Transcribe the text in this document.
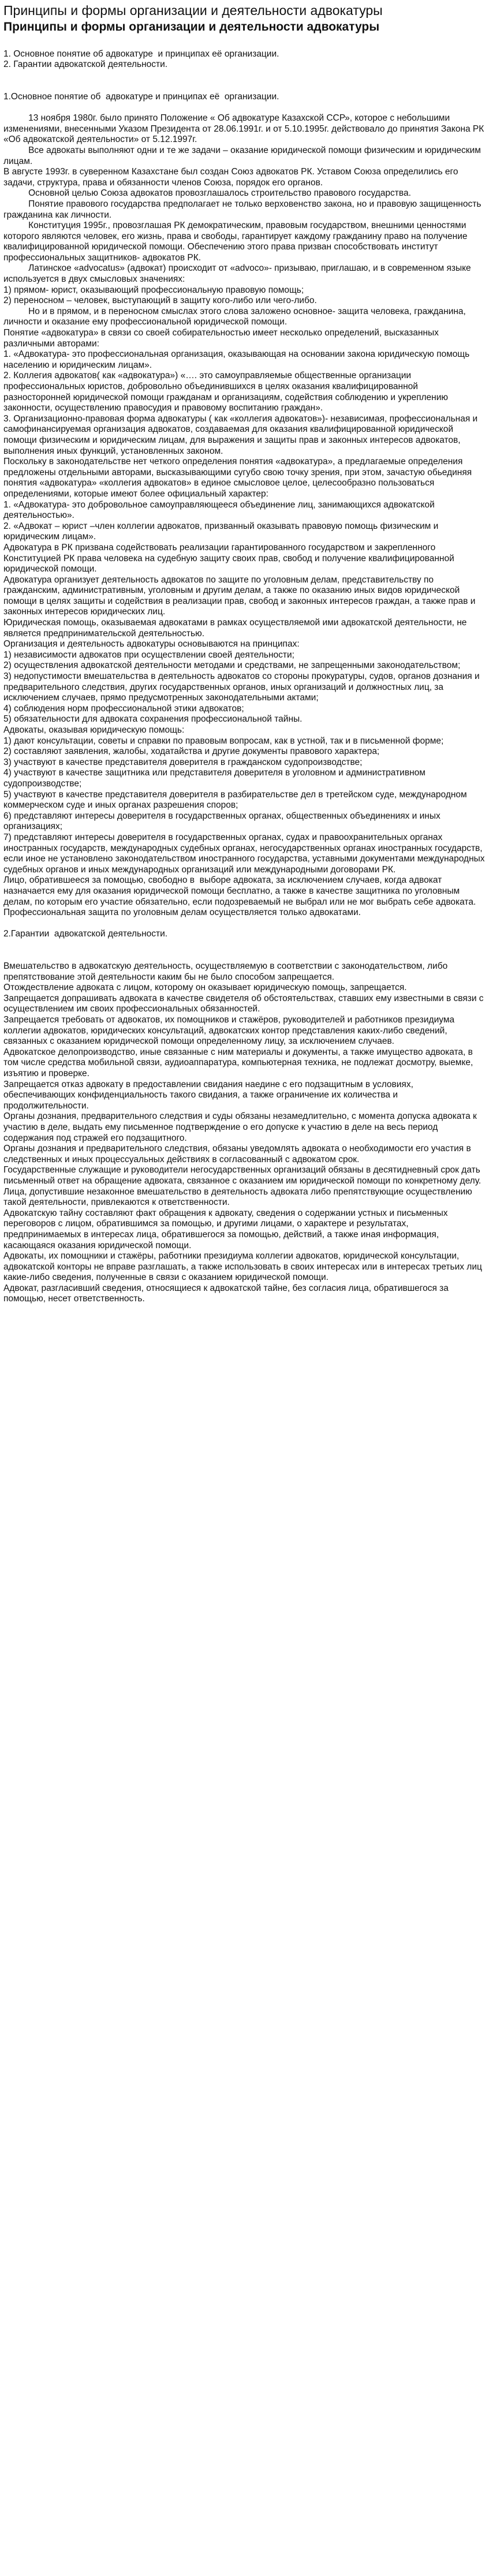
Принципы и формы организации и деятельности адвокатуры
Принципы и формы организации и деятельности адвокатуры

1. Основное понятие об адвокатуре  и принципах её организации.

2. Гарантии адвокатской деятельности.

1.Основное понятие об  адвокатуре и принципах её  организации.

13 ноября 1980г. было принято Положение « Об адвокатуре Казахской ССР», которое с небольшими изменениями, внесенными Указом Президента от 28.06.1991г. и от 5.10.1995г. действовало до принятия Закона РК «Об адвокатской деятельности» от 5.12.1997г.

Все адвокаты выполняют одни и те же задачи – оказание юридической помощи физическим и юридическим лицам.

В августе 1993г. в суверенном Казахстане был создан Союз адвокатов РК. Уставом Союза определились его задачи, структура, права и обязанности членов Союза, порядок его органов.

Основной целью Союза адвокатов провозглашалось строительство правового государства.

Понятие правового государства предполагает не только верховенство закона, но и правовую защищенность гражданина как личности.

Конституция 1995г., провозглашая РК демократическим, правовым государством, внешними ценностями которого являются человек, его жизнь, права и свободы, гарантирует каждому гражданину право на получение квалифицированной юридической помощи. Обеспечению этого права призван способствовать институт профессиональных защитников- адвокатов РК.

Латинское «advocatus» (адвокат) происходит от «advoco»- призываю, приглашаю, и в современном языке используется в двух смысловых значениях:

1) прямом- юрист, оказывающий профессиональную правовую помощь;

2) переносном – человек, выступающий в защиту кого-либо или чего-либо.

Но и в прямом, и в переносном смыслах этого слова заложено основное- защита человека, гражданина, личности и оказание ему профессиональной юридической помощи.

Понятие «адвокатура» в связи со своей собирательностью имеет несколько определений, высказанных различными авторами:

1. «Адвокатура- это профессиональная организация, оказывающая на основании закона юридическую помощь населению и юридическим лицам».

2. Коллегия адвокатов( как «адвокатура») «…. это самоуправляемые общественные организации профессиональных юристов, добровольно объединившихся в целях оказания квалифицированной разносторонней юридической помощи гражданам и организациям, содействия соблюдению и укреплению законности, осуществлению правосудия и правовому воспитанию граждан».

3. Организационно-правовая форма адвокатуры ( как «коллегия адвокатов»)- независимая, профессиональная и самофинансируемая организация адвокатов, создаваемая для оказания квалифицированной юридической помощи физическим и юридическим лицам, для выражения и защиты прав и законных интересов адвокатов, выполнения иных функций, установленных законом.

Поскольку в законодательстве нет четкого определения понятия «адвокатура», а предлагаемые определения предложены отдельными авторами, высказывающими сугубо свою точку зрения, при этом, зачастую обьединяя понятия «адвокатура» «коллегия адвокатов» в единое смысловое целое, целесообразно пользоваться определениями, которые имеют более официальный характер:

1. «Адвокатура- это добровольное самоуправляющееся объединение лиц, занимающихся адвокатской деятельностью».

2. «Адвокат – юрист –член коллегии адвокатов, призванный оказывать правовую помощь физическим и юридическим лицам».

Адвокатура в РК призвана содействовать реализации гарантированного государством и закрепленного Конституцией РК права человека на судебную защиту своих прав, свобод и получение квалифицированной юридической помощи.

Адвокатура организует деятельность адвокатов по защите по уголовным делам, представительству по гражданским, административным, уголовным и другим делам, а также по оказанию иных видов юридической помощи в целях защиты и содействия в реализации прав, свобод и законных интересов граждан, а также прав и законных интересов юридических лиц.

Юридическая помощь, оказываемая адвокатами в рамках осуществляемой ими адвокатской деятельности, не является предпринимательской деятельностью.

Организация и деятельность адвокатуры основываются на принципах:

1) независимости адвокатов при осуществлении своей деятельности;

2) осуществления адвокатской деятельности методами и средствами, не запрещенными законодательством;

3) недопустимости вмешательства в деятельность адвокатов со стороны прокуратуры, судов, органов дознания и предварительного следствия, других государственных органов, иных организаций и должностных лиц, за исключением случаев, прямо предусмотренных законодательными актами;

4) соблюдения норм профессиональной этики адвокатов;

5) обязательности для адвоката сохранения профессиональной тайны.

Адвокаты, оказывая юридическую помощь:

1) дают консультации, советы и справки по правовым вопросам, как в устной, так и в письменной форме;

2) составляют заявления, жалобы, ходатайства и другие документы правового характера;

3) участвуют в качестве представителя доверителя в гражданском судопроизводстве;

4) участвуют в качестве защитника или представителя доверителя в уголовном и административном судопроизводстве;

5) участвуют в качестве представителя доверителя в разбирательстве дел в третейском суде, международном коммерческом суде и иных органах разрешения споров;

6) представляют интересы доверителя в государственных органах, общественных объединениях и иных организациях;

7) представляют интересы доверителя в государственных органах, судах и правоохранительных органах иностранных государств, международных судебных органах, негосударственных органах иностранных государств, если иное не установлено законодательством иностранного государства, уставными документами международных судебных органов и иных международных организаций или международными договорами РК.

Лицо, обратившееся за помощью, свободно в  выборе адвоката, за исключением случаев, когда адвокат назначается ему для оказания юридической помощи бесплатно, а также в качестве защитника по уголовным делам, по которым его участие обязательно, если подозреваемый не выбрал или не мог выбрать себе адвоката. Профессиональная защита по уголовным делам осуществляется только адвокатами.

2.Гарантии  адвокатской деятельности.

Вмешательство в адвокатскую деятельность, осуществляемую в соответствии с законодательством, либо препятствование этой деятельности каким бы не было способом запрещается.

Отождествление адвоката с лицом, которому он оказывает юридическую помощь, запрещается.

Запрещается допрашивать адвоката в качестве свидетеля об обстоятельствах, ставших ему известными в связи с осуществлением им своих профессиональных обязанностей.

Запрещается требовать от адвокатов, их помощников и стажёров, руководителей и работников президиума коллегии адвокатов, юридических консультаций, адвокатских контор представления каких-либо сведений, связанных с оказанием юридической помощи определенному лицу, за исключением случаев.

Адвокатское делопроизводство, иные связанные с ним материалы и документы, а также имущество адвоката, в том числе средства мобильной связи, аудиоаппаратура, компьютерная техника, не подлежат досмотру, выемке, изъятию и проверке.

Запрещается отказ адвокату в предоставлении свидания наедине с его подзащитным в условиях, обеспечивающих конфиденциальность такого свидания, а также ограничение их количества и продолжительности.

Органы дознания, предварительного следствия и суды обязаны незамедлительно, с момента допуска адвоката к участию в деле, выдать ему письменное подтверждение о его допуске к участию в деле на весь период содержания под стражей его подзащитного.

Органы дознания и предварительного следствия, обязаны уведомлять адвоката о необходимости его участия в следственных и иных процессуальных действиях в согласованный с адвокатом срок.

Государственные служащие и руководители негосударственных организаций обязаны в десятидневный срок дать письменный ответ на обращение адвоката, связанное с оказанием им юридической помощи по конкретному делу.

Лица, допустившие незаконное вмешательство в деятельность адвоката либо препятствующие осуществлению такой деятельности, привлекаются к ответственности.

Адвокатскую тайну составляют факт обращения к адвокату, сведения о содержании устных и письменных переговоров с лицом, обратившимся за помощью, и другими лицами, о характере и результатах, предпринимаемых в интересах лица, обратившегося за помощью, действий, а также иная информация, касающаяся оказания юридической помощи.

Адвокаты, их помощники и стажёры, работники президиума коллегии адвокатов, юридической консультации, адвокатской конторы не вправе разглашать, а также использовать в своих интересах или в интересах третьих лиц какие-либо сведения, полученные в связи с оказанием юридической помощи.

Адвокат, разгласивший сведения, относящиеся к адвокатской тайне, без согласия лица, обратившегося за помощью, несет ответственность.
